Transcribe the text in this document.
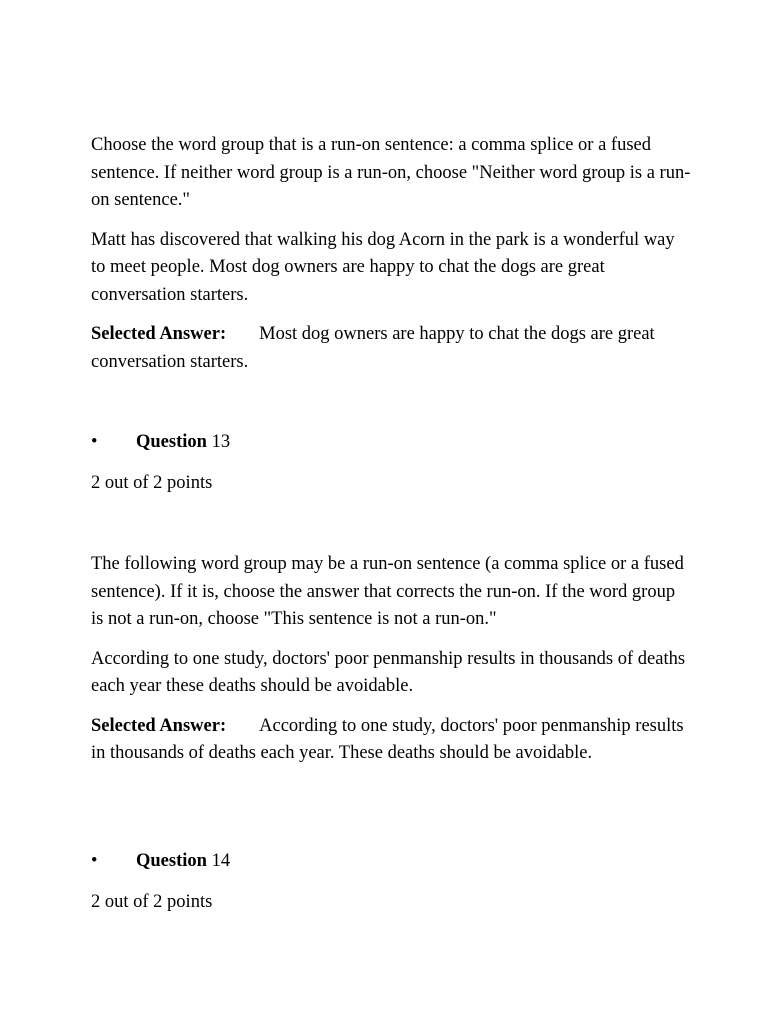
Choose the word group that is a run-on sentence: a comma splice or a fused sentence. If neither word group is a run-on, choose "Neither word group is a run-on sentence."

Matt has discovered that walking his dog Acorn in the park is a wonderful way to meet people. Most dog owners are happy to chat the dogs are great conversation starters.

Selected Answer: Most dog owners are happy to chat the dogs are great conversation starters.

• Question 13
2 out of 2 points

The following word group may be a run-on sentence (a comma splice or a fused sentence). If it is, choose the answer that corrects the run-on. If the word group is not a run-on, choose "This sentence is not a run-on."

According to one study, doctors' poor penmanship results in thousands of deaths each year these deaths should be avoidable.

Selected Answer: According to one study, doctors' poor penmanship results in thousands of deaths each year. These deaths should be avoidable.

• Question 14
2 out of 2 points
